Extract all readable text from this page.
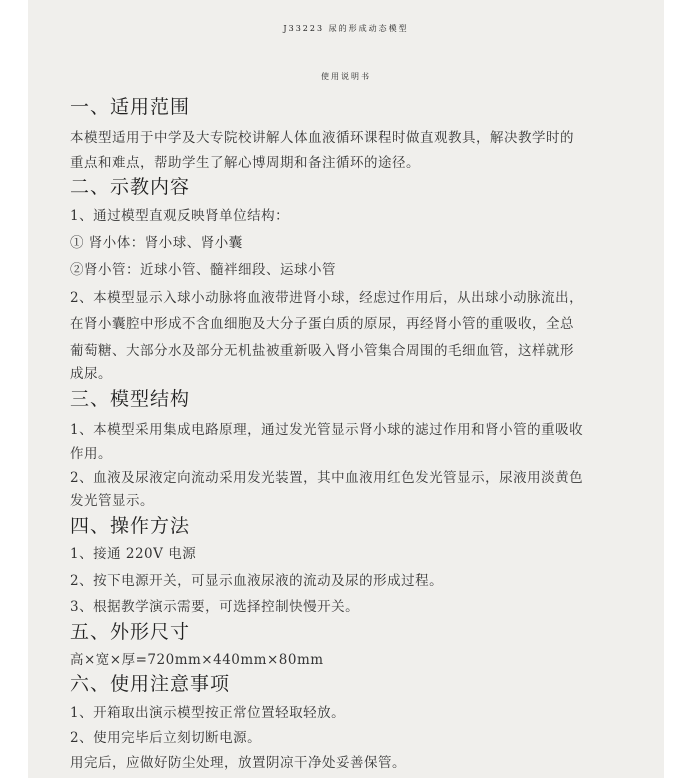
J33223 尿的形成动态模型
使用说明书
一、适用范围
本模型适用于中学及大专院校讲解人体血液循环课程时做直观教具，解决教学时的
重点和难点，帮助学生了解心博周期和备注循环的途径。
二、示教内容
1、通过模型直观反映肾单位结构：
① 肾小体：肾小球、肾小囊
②肾小管：近球小管、髓袢细段、运球小管
2、本模型显示入球小动脉将血液带进肾小球，经虑过作用后，从出球小动脉流出，
在肾小囊腔中形成不含血细胞及大分子蛋白质的原尿，再经肾小管的重吸收，全总
葡萄糖、大部分水及部分无机盐被重新吸入肾小管集合周围的毛细血管，这样就形
成尿。
三、模型结构
1、本模型采用集成电路原理，通过发光管显示肾小球的滤过作用和肾小管的重吸收
作用。
2、血液及尿液定向流动采用发光装置，其中血液用红色发光管显示，尿液用淡黄色
发光管显示。
四、操作方法
1、接通 220V 电源
2、按下电源开关，可显示血液尿液的流动及尿的形成过程。
3、根据教学演示需要，可选择控制快慢开关。
五、外形尺寸
高×宽×厚=720mm×440mm×80mm
六、使用注意事项
1、开箱取出演示模型按正常位置轻取轻放。
2、使用完毕后立刻切断电源。
用完后，应做好防尘处理，放置阴凉干净处妥善保管。
